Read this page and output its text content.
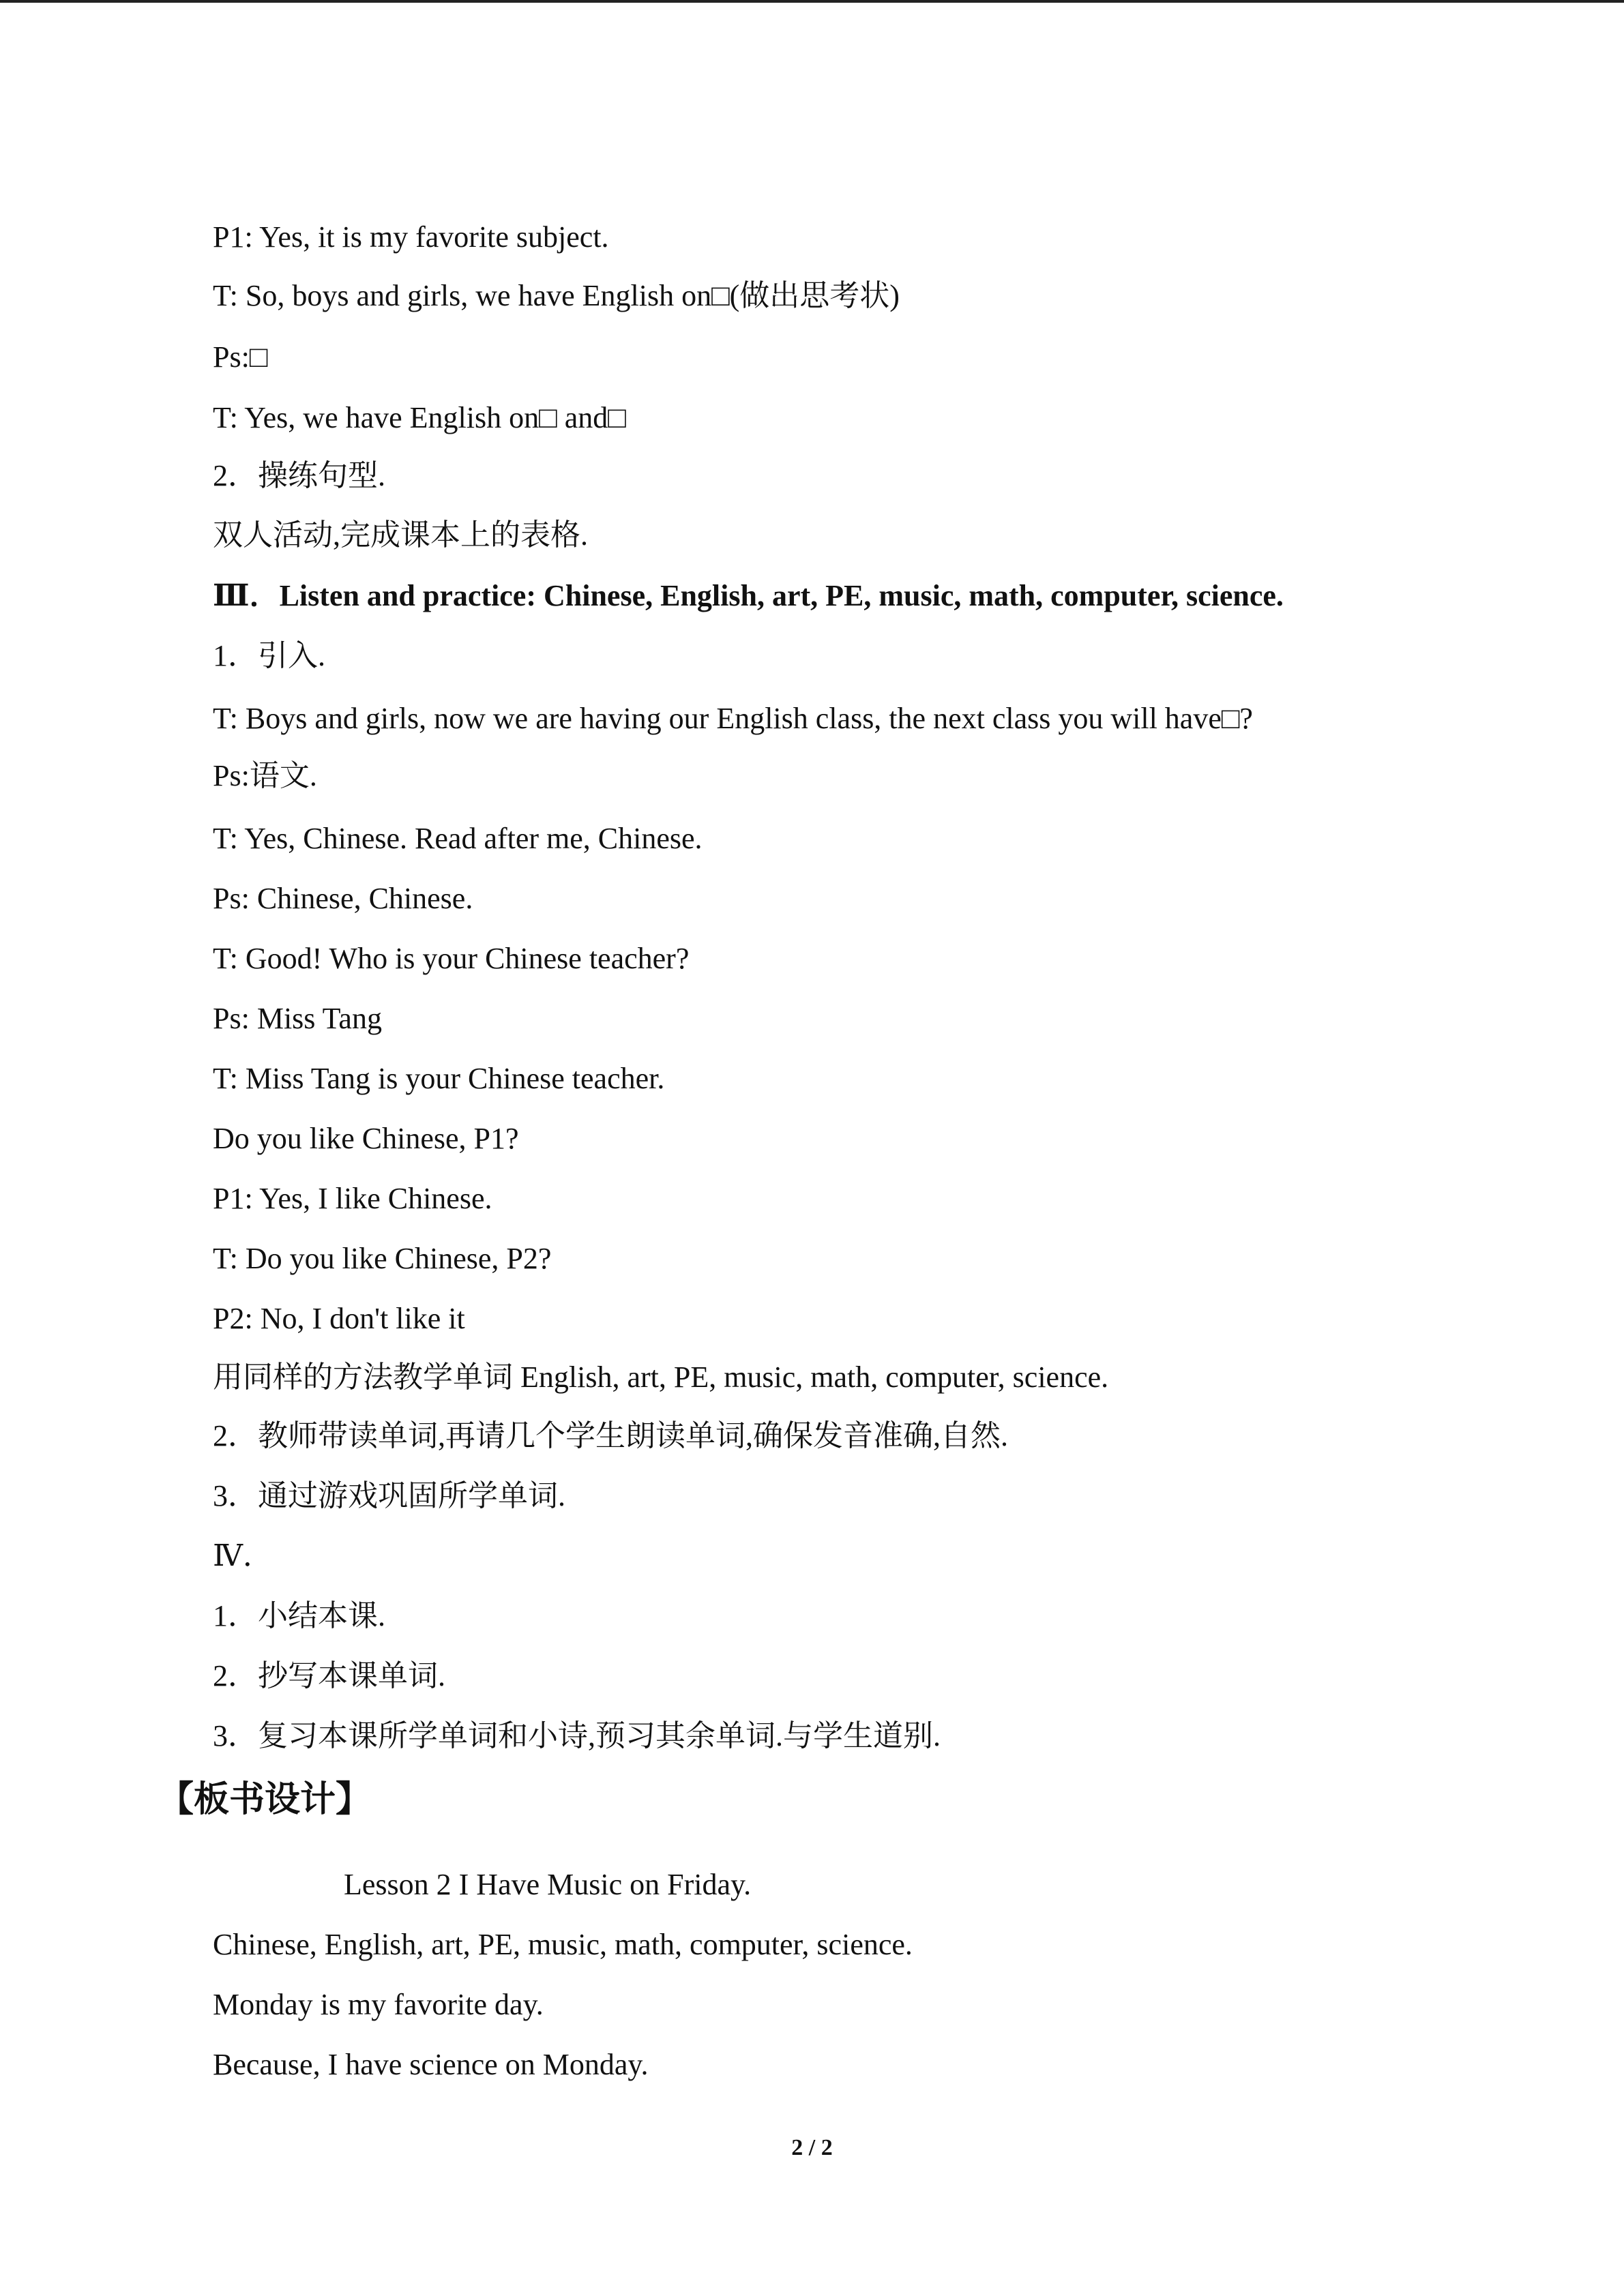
P1: Yes, it is my favorite subject.
T: So, boys and girls, we have English on□(做出思考状)
Ps:□
T: Yes, we have English on□ and□
2．操练句型.
双人活动,完成课本上的表格.
Ⅲ．Listen and practice: Chinese, English, art, PE, music, math, computer, science.
1．引入.
T: Boys and girls, now we are having our English class, the next class you will have□?
Ps:语文.
T: Yes, Chinese. Read after me, Chinese.
Ps: Chinese, Chinese.
T: Good! Who is your Chinese teacher?
Ps: Miss Tang
T: Miss Tang is your Chinese teacher.
Do you like Chinese, P1?
P1: Yes, I like Chinese.
T: Do you like Chinese, P2?
P2: No, I don't like it
用同样的方法教学单词 English, art, PE, music, math, computer, science.
2．教师带读单词,再请几个学生朗读单词,确保发音准确,自然.
3．通过游戏巩固所学单词.
Ⅳ．
1．小结本课.
2．抄写本课单词.
3．复习本课所学单词和小诗,预习其余单词.与学生道别.
【板书设计】
Lesson 2 I Have Music on Friday.
Chinese, English, art, PE, music, math, computer, science.
Monday is my favorite day.
Because, I have science on Monday.
2 / 2
